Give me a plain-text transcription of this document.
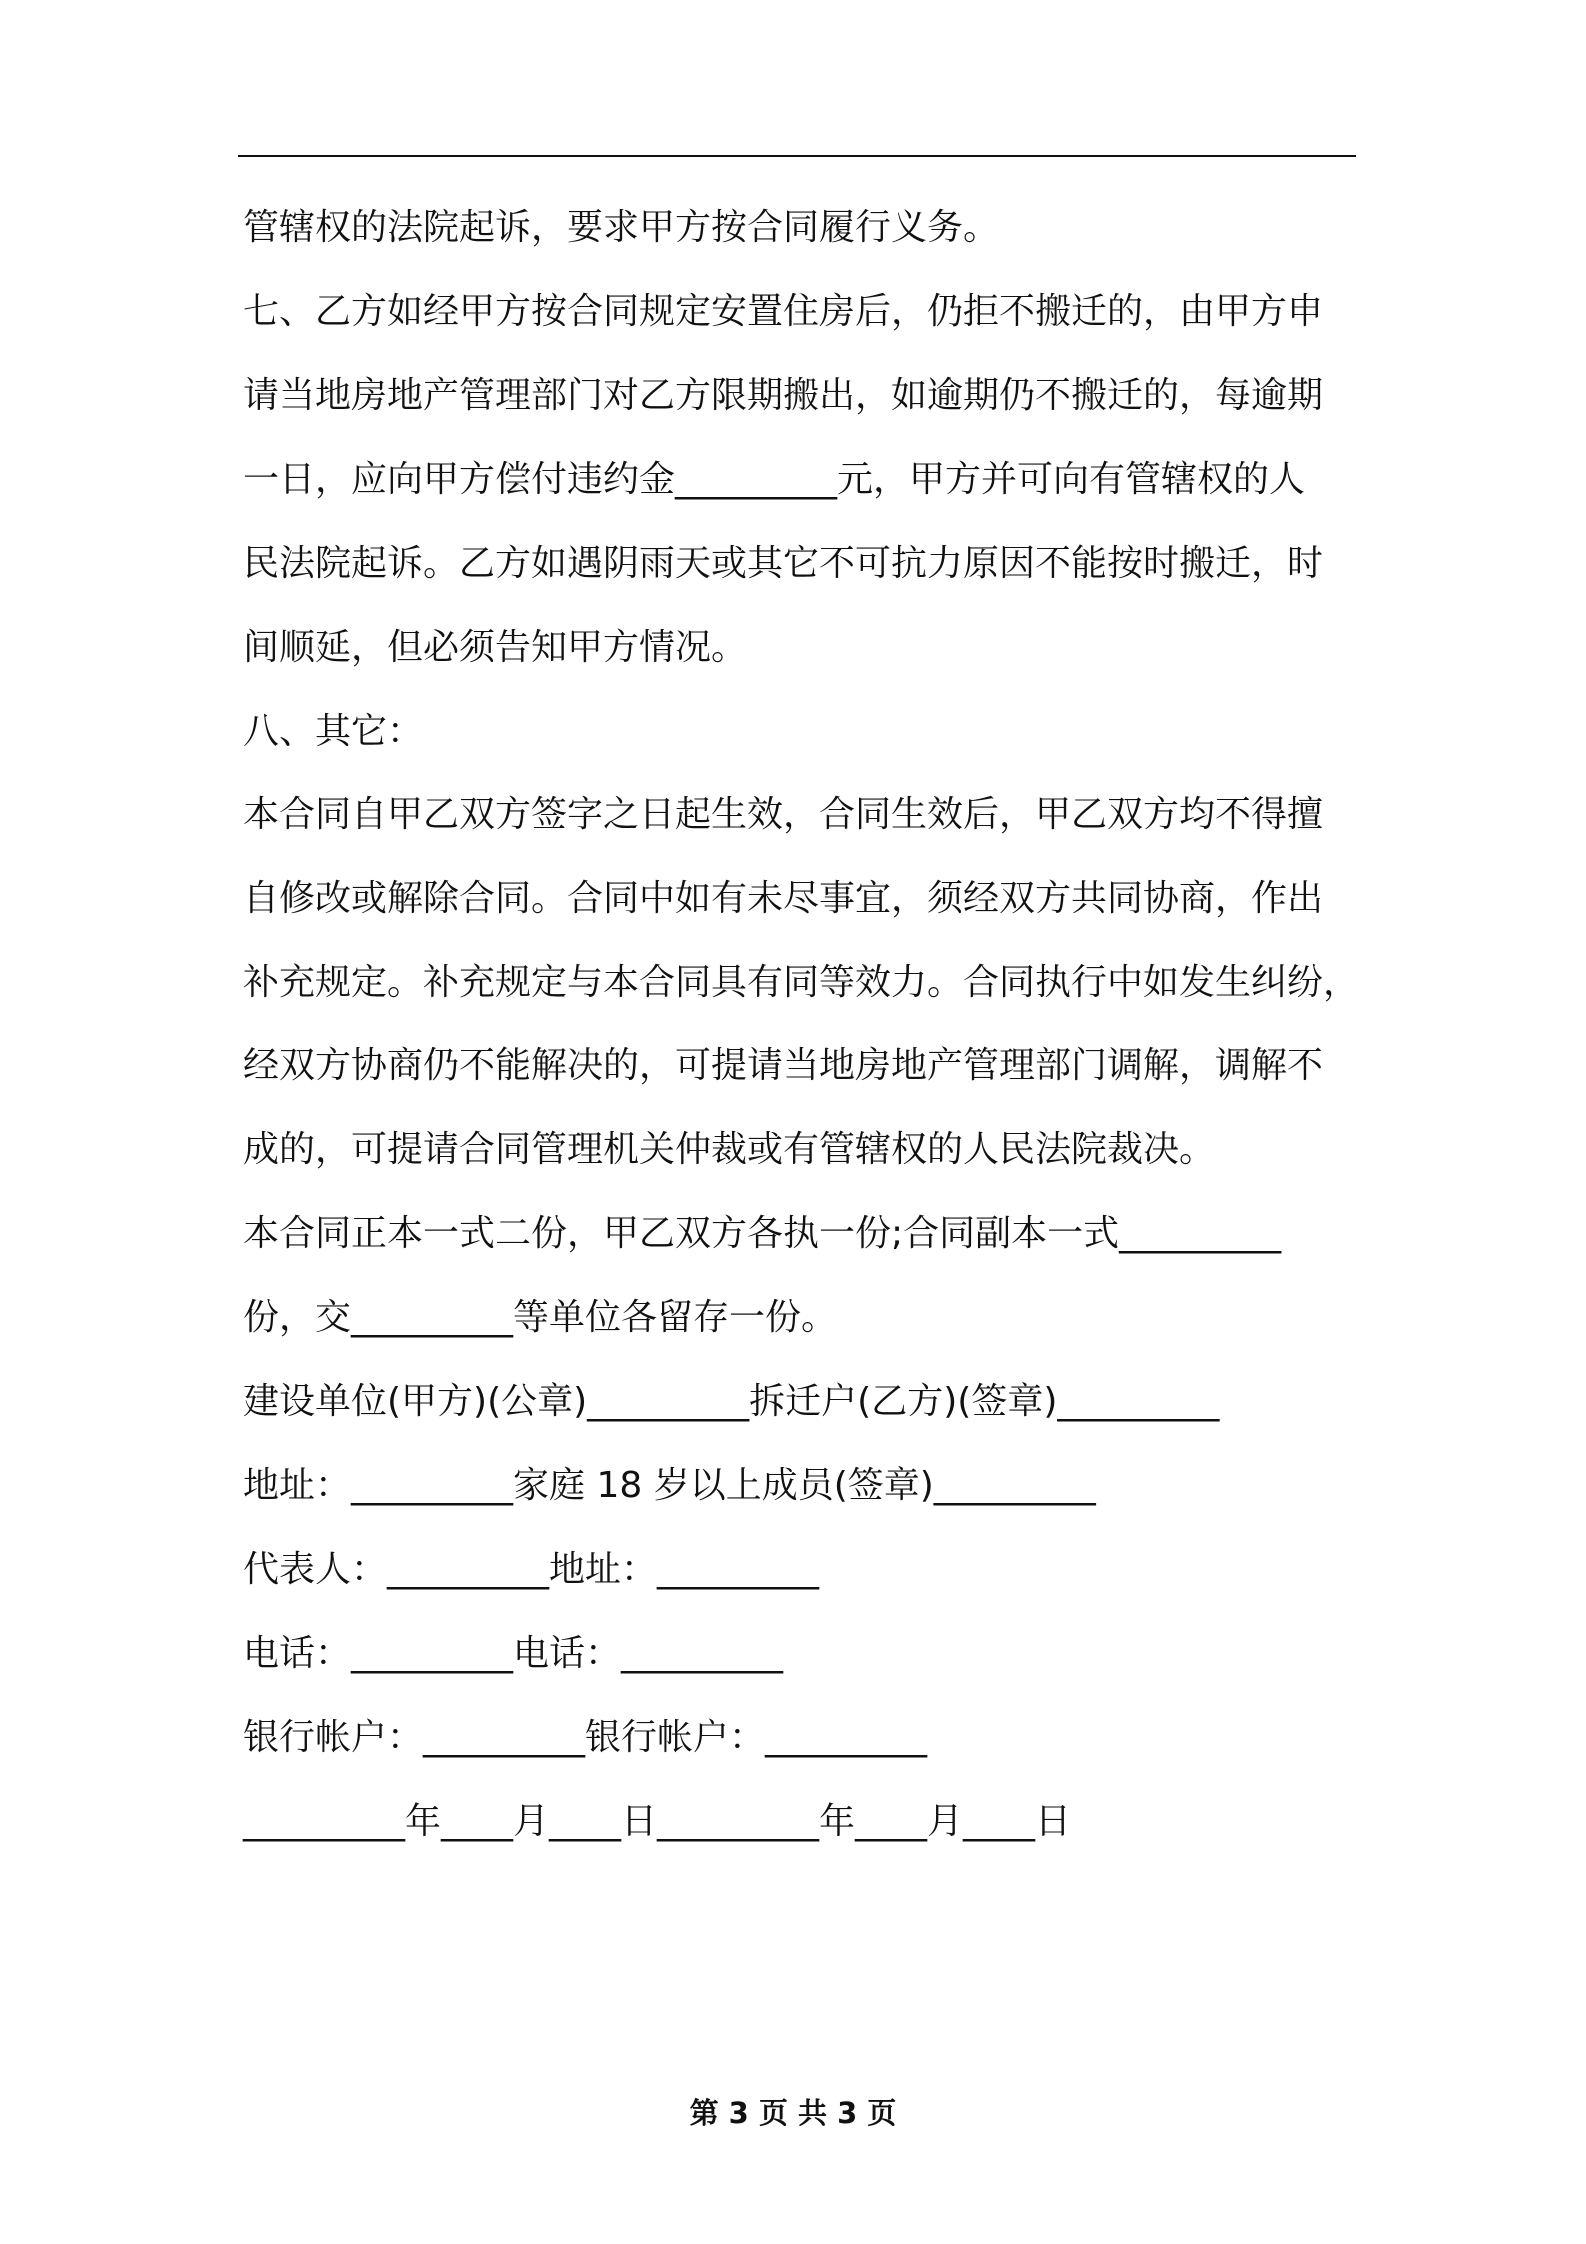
管辖权的法院起诉，要求甲方按合同履行义务。

七、乙方如经甲方按合同规定安置住房后，仍拒不搬迁的，由甲方申

请当地房地产管理部门对乙方限期搬出，如逾期仍不搬迁的，每逾期

一日，应向甲方偿付违约金_________元，甲方并可向有管辖权的人

民法院起诉。乙方如遇阴雨天或其它不可抗力原因不能按时搬迁，时

间顺延，但必须告知甲方情况。

八、其它：

本合同自甲乙双方签字之日起生效，合同生效后，甲乙双方均不得擅

自修改或解除合同。合同中如有未尽事宜，须经双方共同协商，作出

补充规定。补充规定与本合同具有同等效力。合同执行中如发生纠纷，

经双方协商仍不能解决的，可提请当地房地产管理部门调解，调解不

成的，可提请合同管理机关仲裁或有管辖权的人民法院裁决。

本合同正本一式二份，甲乙双方各执一份;合同副本一式_________

份，交_________等单位各留存一份。

建设单位(甲方)(公章)_________拆迁户(乙方)(签章)_________

地址：_________家庭 18 岁以上成员(签章)_________

代表人：_________地址：_________

电话：_________电话：_________

银行帐户：_________银行帐户：_________

_________年____月____日_________年____月____日

第 3 页 共 3 页
